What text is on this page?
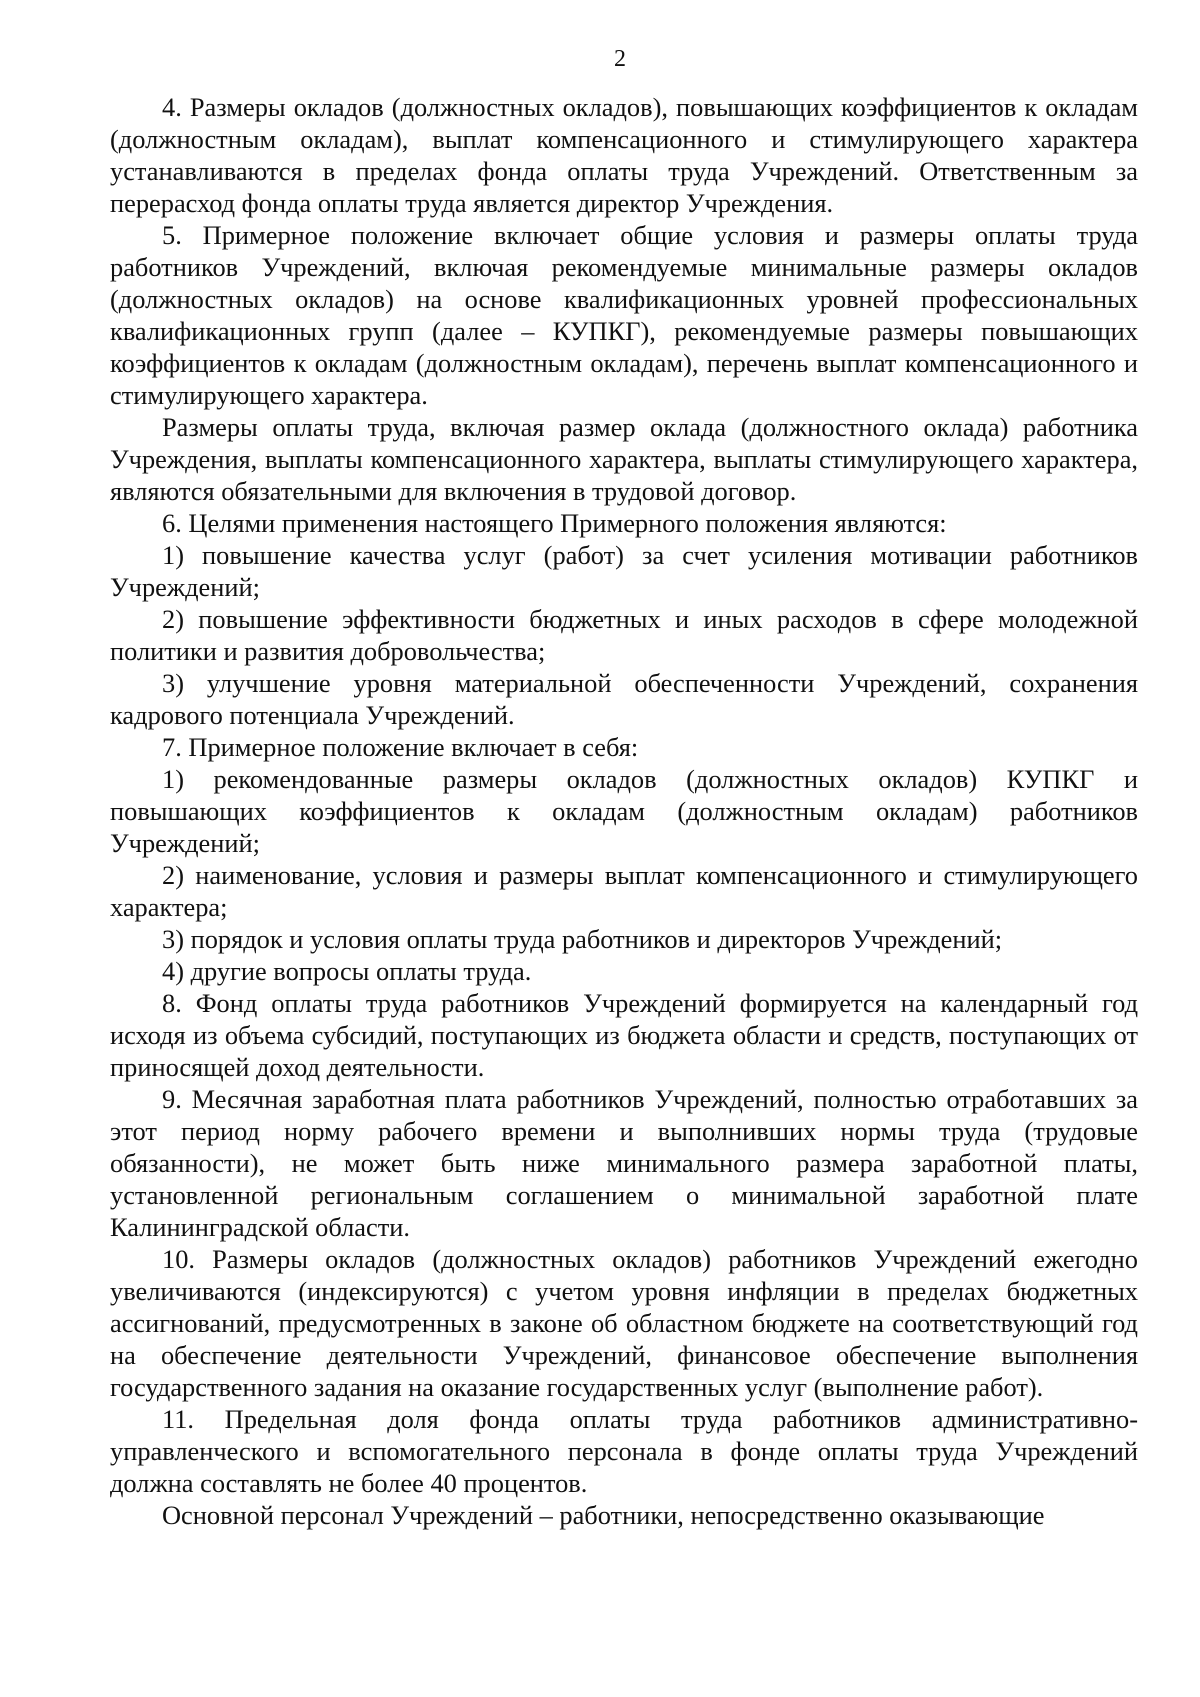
2

4. Размеры окладов (должностных окладов), повышающих коэффициентов к окладам (должностным окладам), выплат компенсационного и стимулирующего характера устанавливаются в пределах фонда оплаты труда Учреждений. Ответственным за перерасход фонда оплаты труда является директор Учреждения.

5. Примерное положение включает общие условия и размеры оплаты труда работников Учреждений, включая рекомендуемые минимальные размеры окладов (должностных окладов) на основе квалификационных уровней профессиональных квалификационных групп (далее – КУПКГ), рекомендуемые размеры повышающих коэффициентов к окладам (должностным окладам), перечень выплат компенсационного и стимулирующего характера.

Размеры оплаты труда, включая размер оклада (должностного оклада) работника Учреждения, выплаты компенсационного характера, выплаты стимулирующего характера, являются обязательными для включения в трудовой договор.

6. Целями применения настоящего Примерного положения являются:

1) повышение качества услуг (работ) за счет усиления мотивации работников Учреждений;

2) повышение эффективности бюджетных и иных расходов в сфере молодежной политики и развития добровольчества;

3) улучшение уровня материальной обеспеченности Учреждений, сохранения кадрового потенциала Учреждений.

7. Примерное положение включает в себя:

1) рекомендованные размеры окладов (должностных окладов) КУПКГ и повышающих коэффициентов к окладам (должностным окладам) работников Учреждений;

2) наименование, условия и размеры выплат компенсационного и стимулирующего характера;

3) порядок и условия оплаты труда работников и директоров Учреждений;

4) другие вопросы оплаты труда.

8. Фонд оплаты труда работников Учреждений формируется на календарный год исходя из объема субсидий, поступающих из бюджета области и средств, поступающих от приносящей доход деятельности.

9. Месячная заработная плата работников Учреждений, полностью отработавших за этот период норму рабочего времени и выполнивших нормы труда (трудовые обязанности), не может быть ниже минимального размера заработной платы, установленной региональным соглашением о минимальной заработной плате Калининградской области.

10. Размеры окладов (должностных окладов) работников Учреждений ежегодно увеличиваются (индексируются) с учетом уровня инфляции в пределах бюджетных ассигнований, предусмотренных в законе об областном бюджете на соответствующий год на обеспечение деятельности Учреждений, финансовое обеспечение выполнения государственного задания на оказание государственных услуг (выполнение работ).

11. Предельная доля фонда оплаты труда работников административно-управленческого и вспомогательного персонала в фонде оплаты труда Учреждений должна составлять не более 40 процентов.

Основной персонал Учреждений – работники, непосредственно оказывающие
